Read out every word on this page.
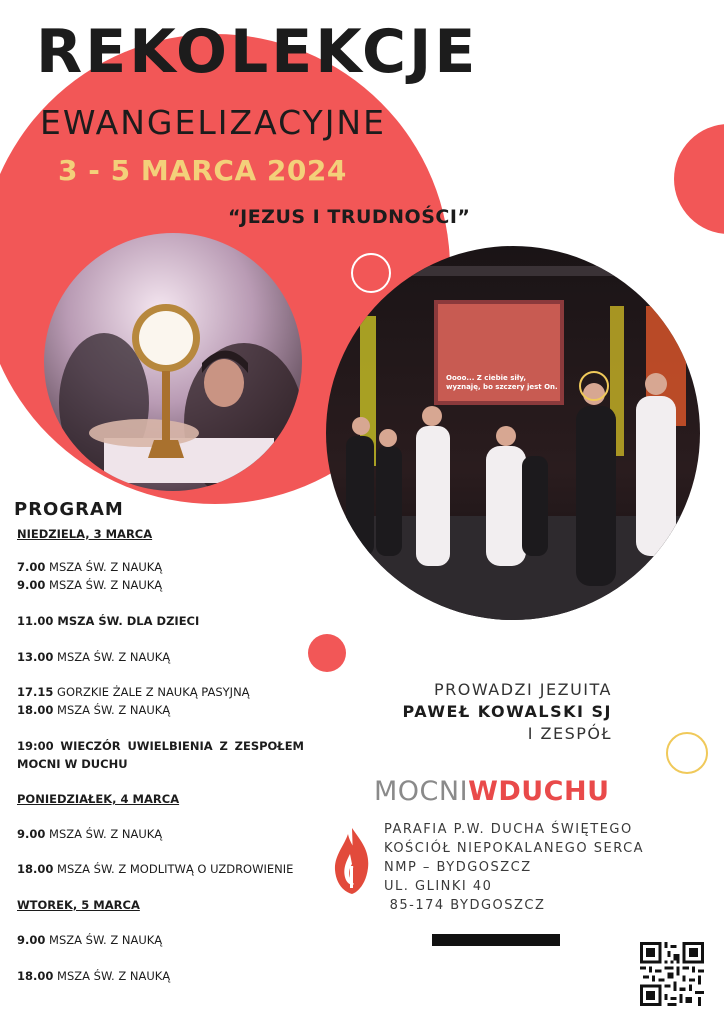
REKOLEKCJE
EWANGELIZACYJNE
3 - 5 MARCA 2024
“JEZUS I TRUDNOŚCI”
Oooo... Z ciebie siły, wyznaję, bo szczery jest On.
PROGRAM
NIEDZIELA, 3 MARCA
7.00 MSZA ŚW. Z NAUKĄ
9.00 MSZA ŚW. Z NAUKĄ
11.00 MSZA ŚW. DLA DZIECI
13.00 MSZA ŚW. Z NAUKĄ
17.15 GORZKIE ŻALE Z NAUKĄ PASYJNĄ
18.00 MSZA ŚW. Z NAUKĄ
19:00 WIECZÓR UWIELBIENIA Z ZESPOŁEM
MOCNI W DUCHU
PONIEDZIAŁEK, 4 MARCA
9.00 MSZA ŚW. Z NAUKĄ
18.00 MSZA ŚW. Z MODLITWĄ O UZDROWIENIE
WTOREK, 5 MARCA
9.00 MSZA ŚW. Z NAUKĄ
18.00 MSZA ŚW. Z NAUKĄ
PROWADZI JEZUITA
PAWEŁ KOWALSKI SJ
I ZESPÓŁ
MOCNIWDUCHU
PARAFIA P.W. DUCHA ŚWIĘTEGO
KOŚCIÓŁ NIEPOKALANEGO SERCA
NMP – BYDGOSZCZ
UL. GLINKI 40
85-174 BYDGOSZCZ
